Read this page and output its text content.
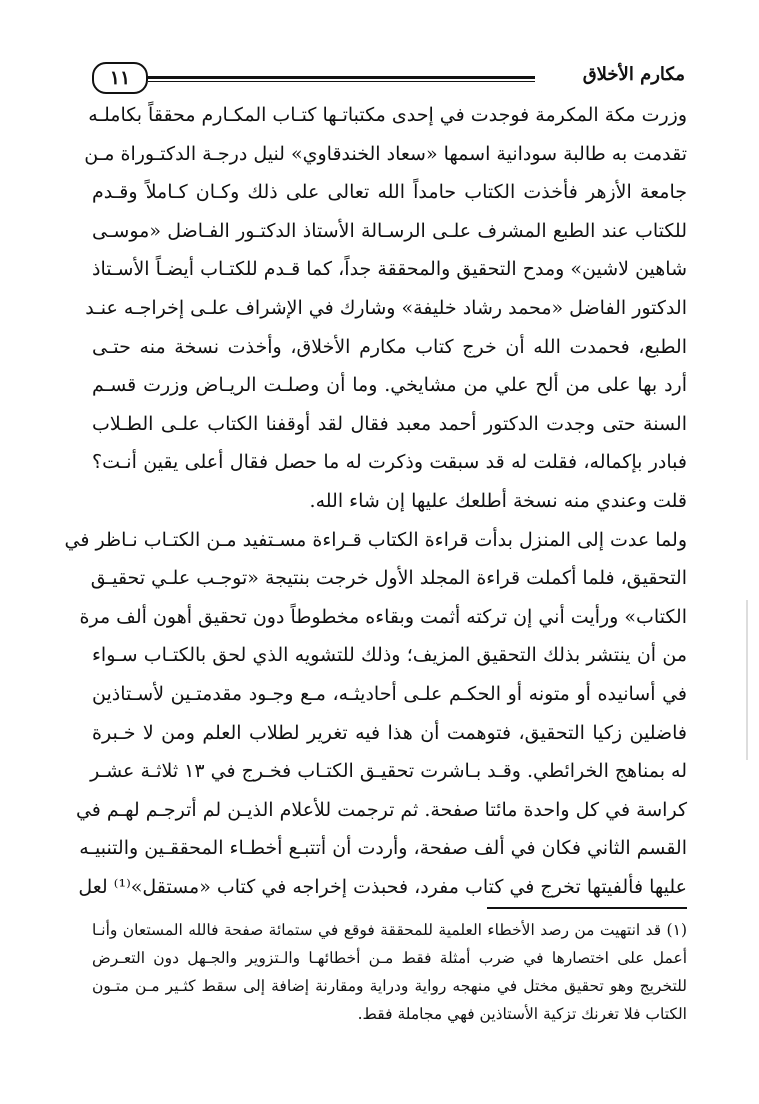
١١	مكارم الأخلاق
وزرت مكة المكرمة فوجدت في إحدى مكتباتـها كتـاب المكـارم محققاً بكاملـه
تقدمت به طالبة سودانية اسمها «سعاد الخندقاوي» لنيل درجـة الدكتـوراة مـن
جامعة الأزهر فأخذت الكتاب حامداً الله تعالى على ذلك وكـان كـاملاً وقـدم
للكتاب عند الطبع المشرف علـى الرسـالة الأستاذ الدكتـور الفـاضل «موسـى
شاهين لاشين» ومدح التحقيق والمحققة جداً، كما قـدم للكتـاب أيضـاً الأسـتاذ
الدكتور الفاضل «محمد رشاد خليفة» وشارك في الإشراف علـى إخراجـه عنـد
الطبع، فحمدت الله أن خرج كتاب مكارم الأخلاق، وأخذت نسخة منه حتـى
أرد بها على من ألح علي من مشايخي. وما أن وصلـت الريـاض وزرت قسـم
السنة حتى وجدت الدكتور أحمد معبد فقال لقد أوقفنا الكتاب علـى الطـلاب
فبادر بإكماله، فقلت له قد سبقت وذكرت له ما حصل فقال أعلى يقين أنـت؟
قلت وعندي منه نسخة أطلعك عليها إن شاء الله.
ولما عدت إلى المنزل بدأت قراءة الكتاب قـراءة مسـتفيد مـن الكتـاب نـاظر في
التحقيق، فلما أكملت قراءة المجلد الأول خرجت بنتيجة «توجـب علـي تحقيـق
الكتاب» ورأيت أني إن تركته أثمت وبقاءه مخطوطاً دون تحقيق أهون ألف مرة
من أن ينتشر بذلك التحقيق المزيف؛ وذلك للتشويه الذي لحق بالكتـاب سـواء
في أسانيده أو متونه أو الحكـم علـى أحاديثـه، مـع وجـود مقدمتـين لأسـتاذين
فاضلين زكيا التحقيق، فتوهمت أن هذا فيه تغرير لطلاب العلم ومن لا خـبرة
له بمناهج الخرائطي. وقـد بـاشرت تحقيـق الكتـاب فخـرج في ١٣ ثلاثـة عشـر
كراسة في كل واحدة مائتا صفحة. ثم ترجمت للأعلام الذيـن لم أترجـم لهـم في
القسم الثاني فكان في ألف صفحة، وأردت أن أتتبـع أخطـاء المحققـين والتنبيـه
عليها فألفيتها تخرج في كتاب مفرد، فحبذت إخراجه في كتاب «مستقل»⁽¹⁾ لعل
(١) قد انتهيت من رصد الأخطاء العلمية للمحققة فوقع في ستمائة صفحة فالله المستعان وأنـا
أعمل على اختصارها في ضرب أمثلة فقط مـن أخطائهـا والـتزوير والجـهل دون التعـرض
للتخريج وهو تحقيق مختل في منهجه رواية ودراية ومقارنة إضافة إلى سقط كثـير مـن متـون
الكتاب فلا تغرنك تزكية الأستاذين فهي مجاملة فقط.
